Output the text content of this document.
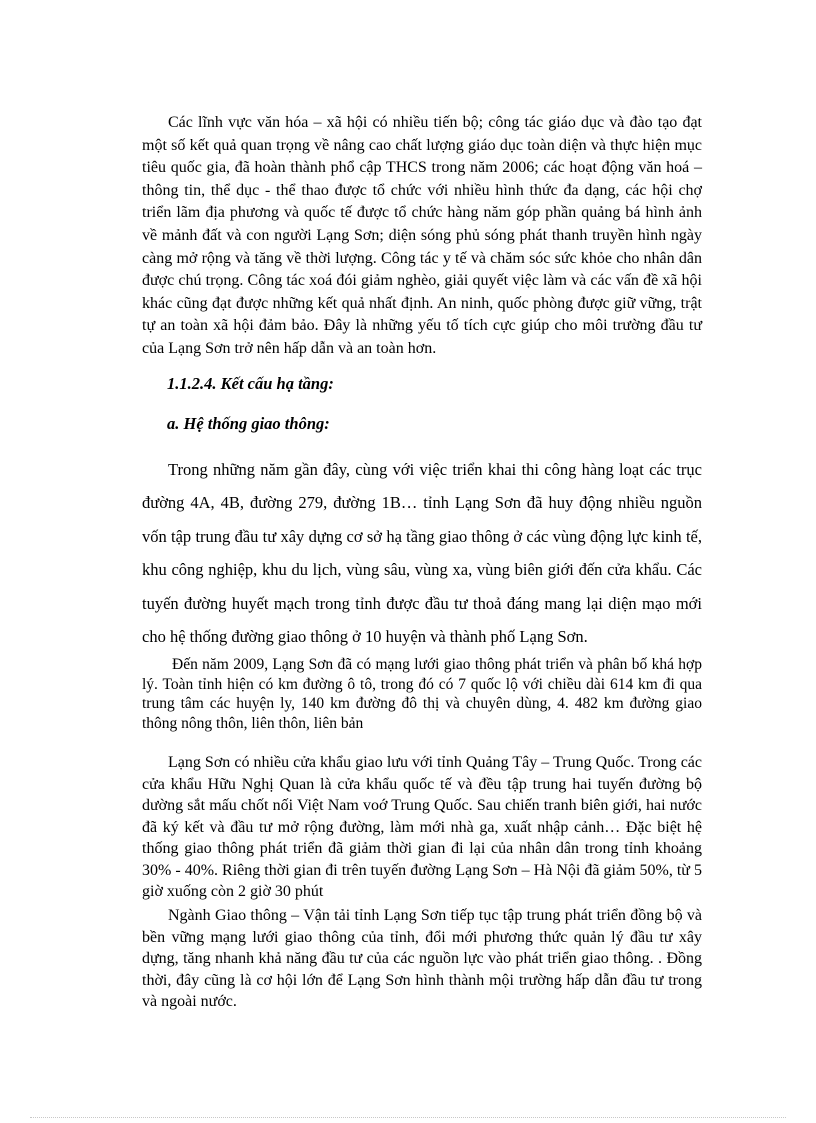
Các lĩnh vực văn hóa – xã hội có nhiều tiến bộ; công tác giáo dục và đào tạo đạt một số kết quả quan trọng về nâng cao chất lượng giáo dục toàn diện và thực hiện mục tiêu quốc gia, đã hoàn thành phổ cập THCS trong năm 2006; các hoạt động văn hoá – thông tin, thể dục - thể thao được tổ chức với nhiều hình thức đa dạng, các hội chợ triển lãm địa phương và quốc tế được tổ chức hàng năm góp phần quảng bá hình ảnh về mảnh đất và con người Lạng Sơn; diện sóng phủ sóng phát thanh truyền hình ngày càng mở rộng và tăng về thời lượng. Công tác y tế và chăm sóc sức khỏe cho nhân dân được chú trọng. Công tác xoá đói giảm nghèo, giải quyết việc làm và các vấn đề xã hội khác cũng đạt được những kết quả nhất định. An ninh, quốc phòng được giữ vững, trật tự an toàn xã hội đảm bảo. Đây là những yếu tố tích cực giúp cho môi trường đầu tư của Lạng Sơn trở nên hấp dẫn và an toàn hơn.

1.1.2.4. Kết cấu hạ tầng:

a. Hệ thống giao thông:

Trong những năm gần đây, cùng với việc triển khai thi công hàng loạt các trục đường 4A, 4B, đường 279, đường 1B… tỉnh Lạng Sơn đã huy động nhiều nguồn vốn tập trung đầu tư xây dựng cơ sở hạ tầng giao thông ở các vùng động lực kinh tế, khu công nghiệp, khu du lịch, vùng sâu, vùng xa, vùng biên giới đến cửa khẩu. Các tuyến đường huyết mạch trong tỉnh được đầu tư thoả đáng mang lại diện mạo mới cho hệ thống đường giao thông ở 10 huyện và thành phố Lạng Sơn.

Đến năm 2009, Lạng Sơn đã có mạng lưới giao thông phát triển và phân bố khá hợp lý. Toàn tỉnh hiện có km đường ô tô, trong đó có 7 quốc lộ với chiều dài 614 km đi qua trung tâm các huyện ly, 140 km đường đô thị và chuyên dùng, 4. 482 km đường giao thông nông thôn, liên thôn, liên bản

Lạng Sơn có nhiều cửa khẩu giao lưu với tỉnh Quảng Tây – Trung Quốc. Trong các cửa khẩu Hữu Nghị Quan là cửa khẩu quốc tế và đều tập trung hai tuyến đường bộ dường sắt mấu chốt nối Việt Nam voớ Trung Quốc. Sau chiến tranh biên giới, hai nước đã ký kết và đầu tư mở rộng đường, làm mới nhà ga, xuất nhập cảnh… Đặc biệt hệ thống giao thông phát triển đã giảm thời gian đi lại của nhân dân trong tỉnh khoảng 30% - 40%. Riêng thời gian đi trên tuyến đường Lạng Sơn – Hà Nội đã giảm 50%, từ 5 giờ xuống còn 2 giờ 30 phút

Ngành Giao thông – Vận tải tỉnh Lạng Sơn tiếp tục tập trung phát triển đồng bộ và bền vững mạng lưới giao thông của tỉnh, đổi mới phương thức quản lý đầu tư xây dựng, tăng nhanh khả năng đầu tư của các nguồn lực vào phát triển giao thông. . Đồng thời, đây cũng là cơ hội lớn để Lạng Sơn hình thành mội trường hấp dẫn đầu tư trong và ngoài nước.
